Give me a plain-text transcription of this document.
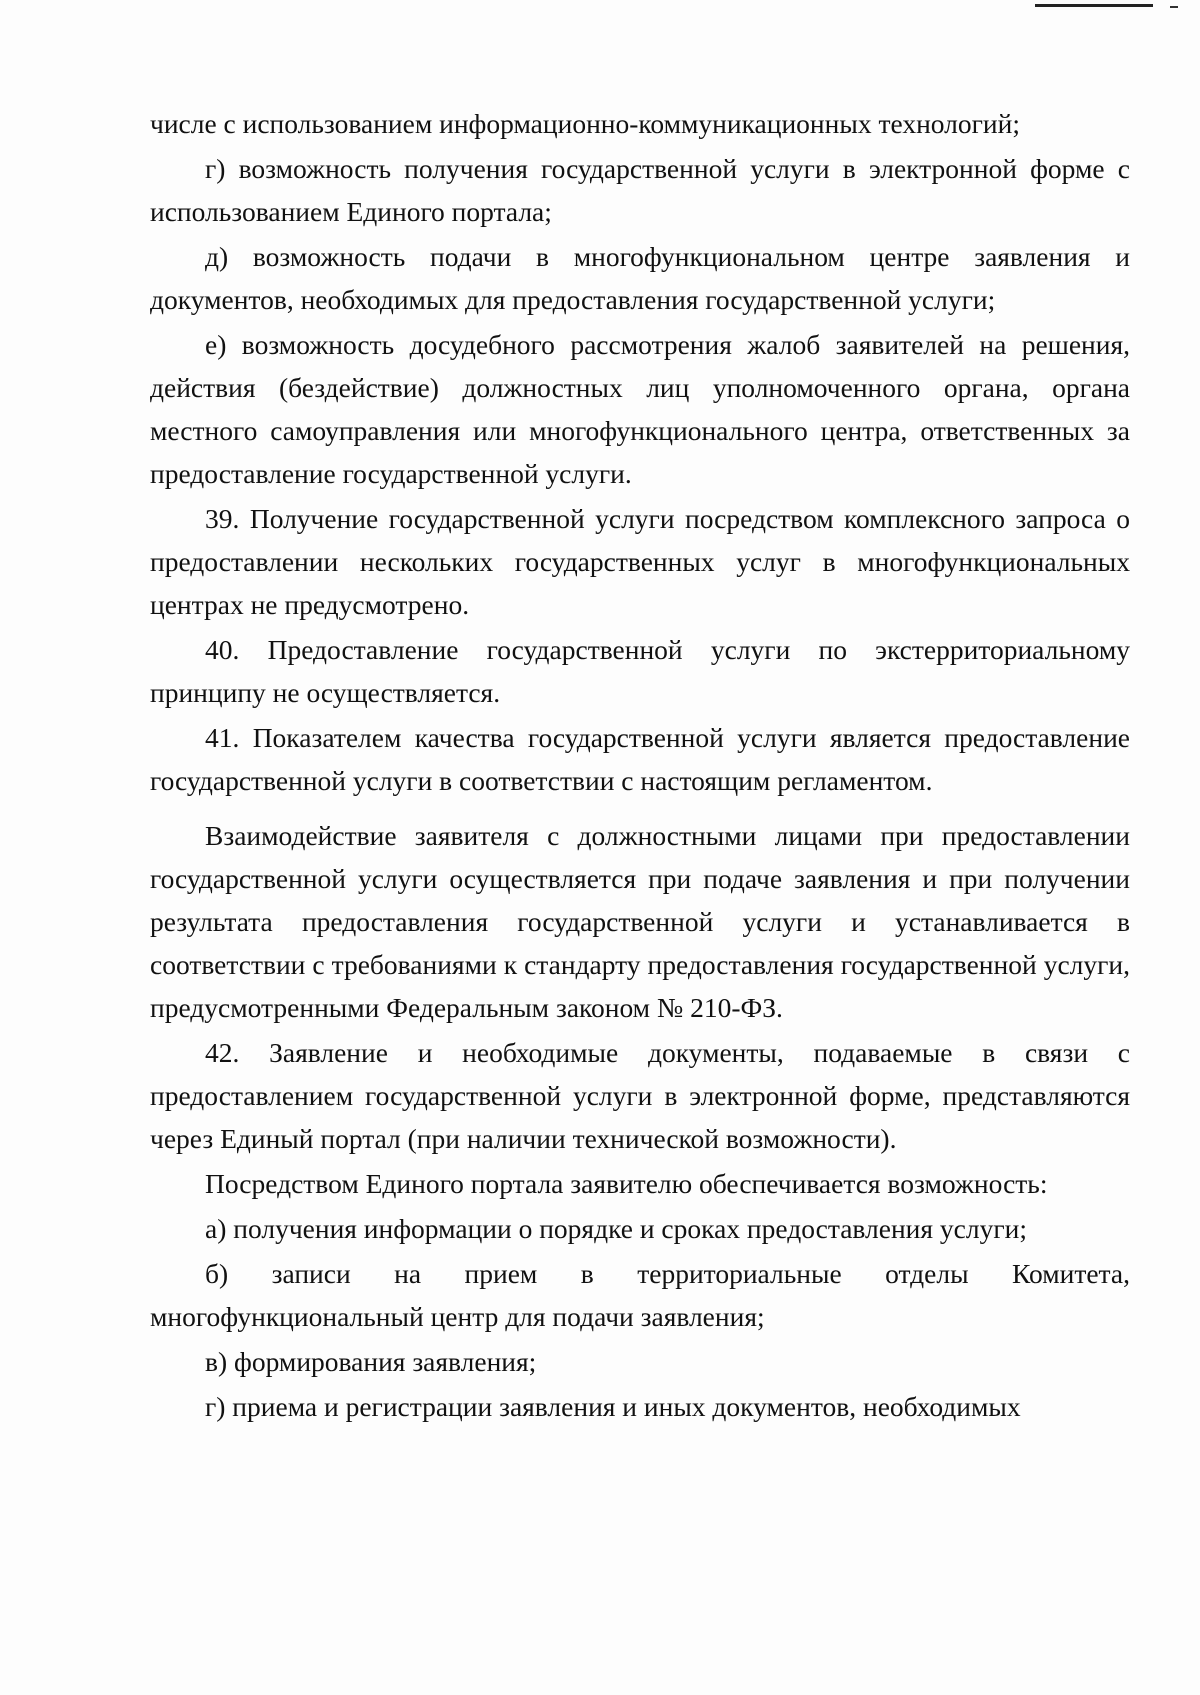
числе с использованием информационно-коммуникационных технологий;

г) возможность получения государственной услуги в электронной форме с использованием Единого портала;

д) возможность подачи в многофункциональном центре заявления и документов, необходимых для предоставления государственной услуги;

е) возможность досудебного рассмотрения жалоб заявителей на решения, действия (бездействие) должностных лиц уполномоченного органа, органа местного самоуправления или многофункционального центра, ответственных за предоставление государственной услуги.

39. Получение государственной услуги посредством комплексного запроса о предоставлении нескольких государственных услуг в многофункциональных центрах не предусмотрено.

40. Предоставление государственной услуги по экстерриториальному принципу не осуществляется.

41. Показателем качества государственной услуги является предоставление государственной услуги в соответствии с настоящим регламентом.

Взаимодействие заявителя с должностными лицами при предоставлении государственной услуги осуществляется при подаче заявления и при получении результата предоставления государственной услуги и устанавливается в соответствии с требованиями к стандарту предоставления государственной услуги, предусмотренными Федеральным законом № 210-ФЗ.

42. Заявление и необходимые документы, подаваемые в связи с предоставлением государственной услуги в электронной форме, представляются через Единый портал (при наличии технической возможности).

Посредством Единого портала заявителю обеспечивается возможность:

а) получения информации о порядке и сроках предоставления услуги;

б) записи на прием в территориальные отделы Комитета, многофункциональный центр для подачи заявления;

в) формирования заявления;

г) приема и регистрации заявления и иных документов, необходимых
